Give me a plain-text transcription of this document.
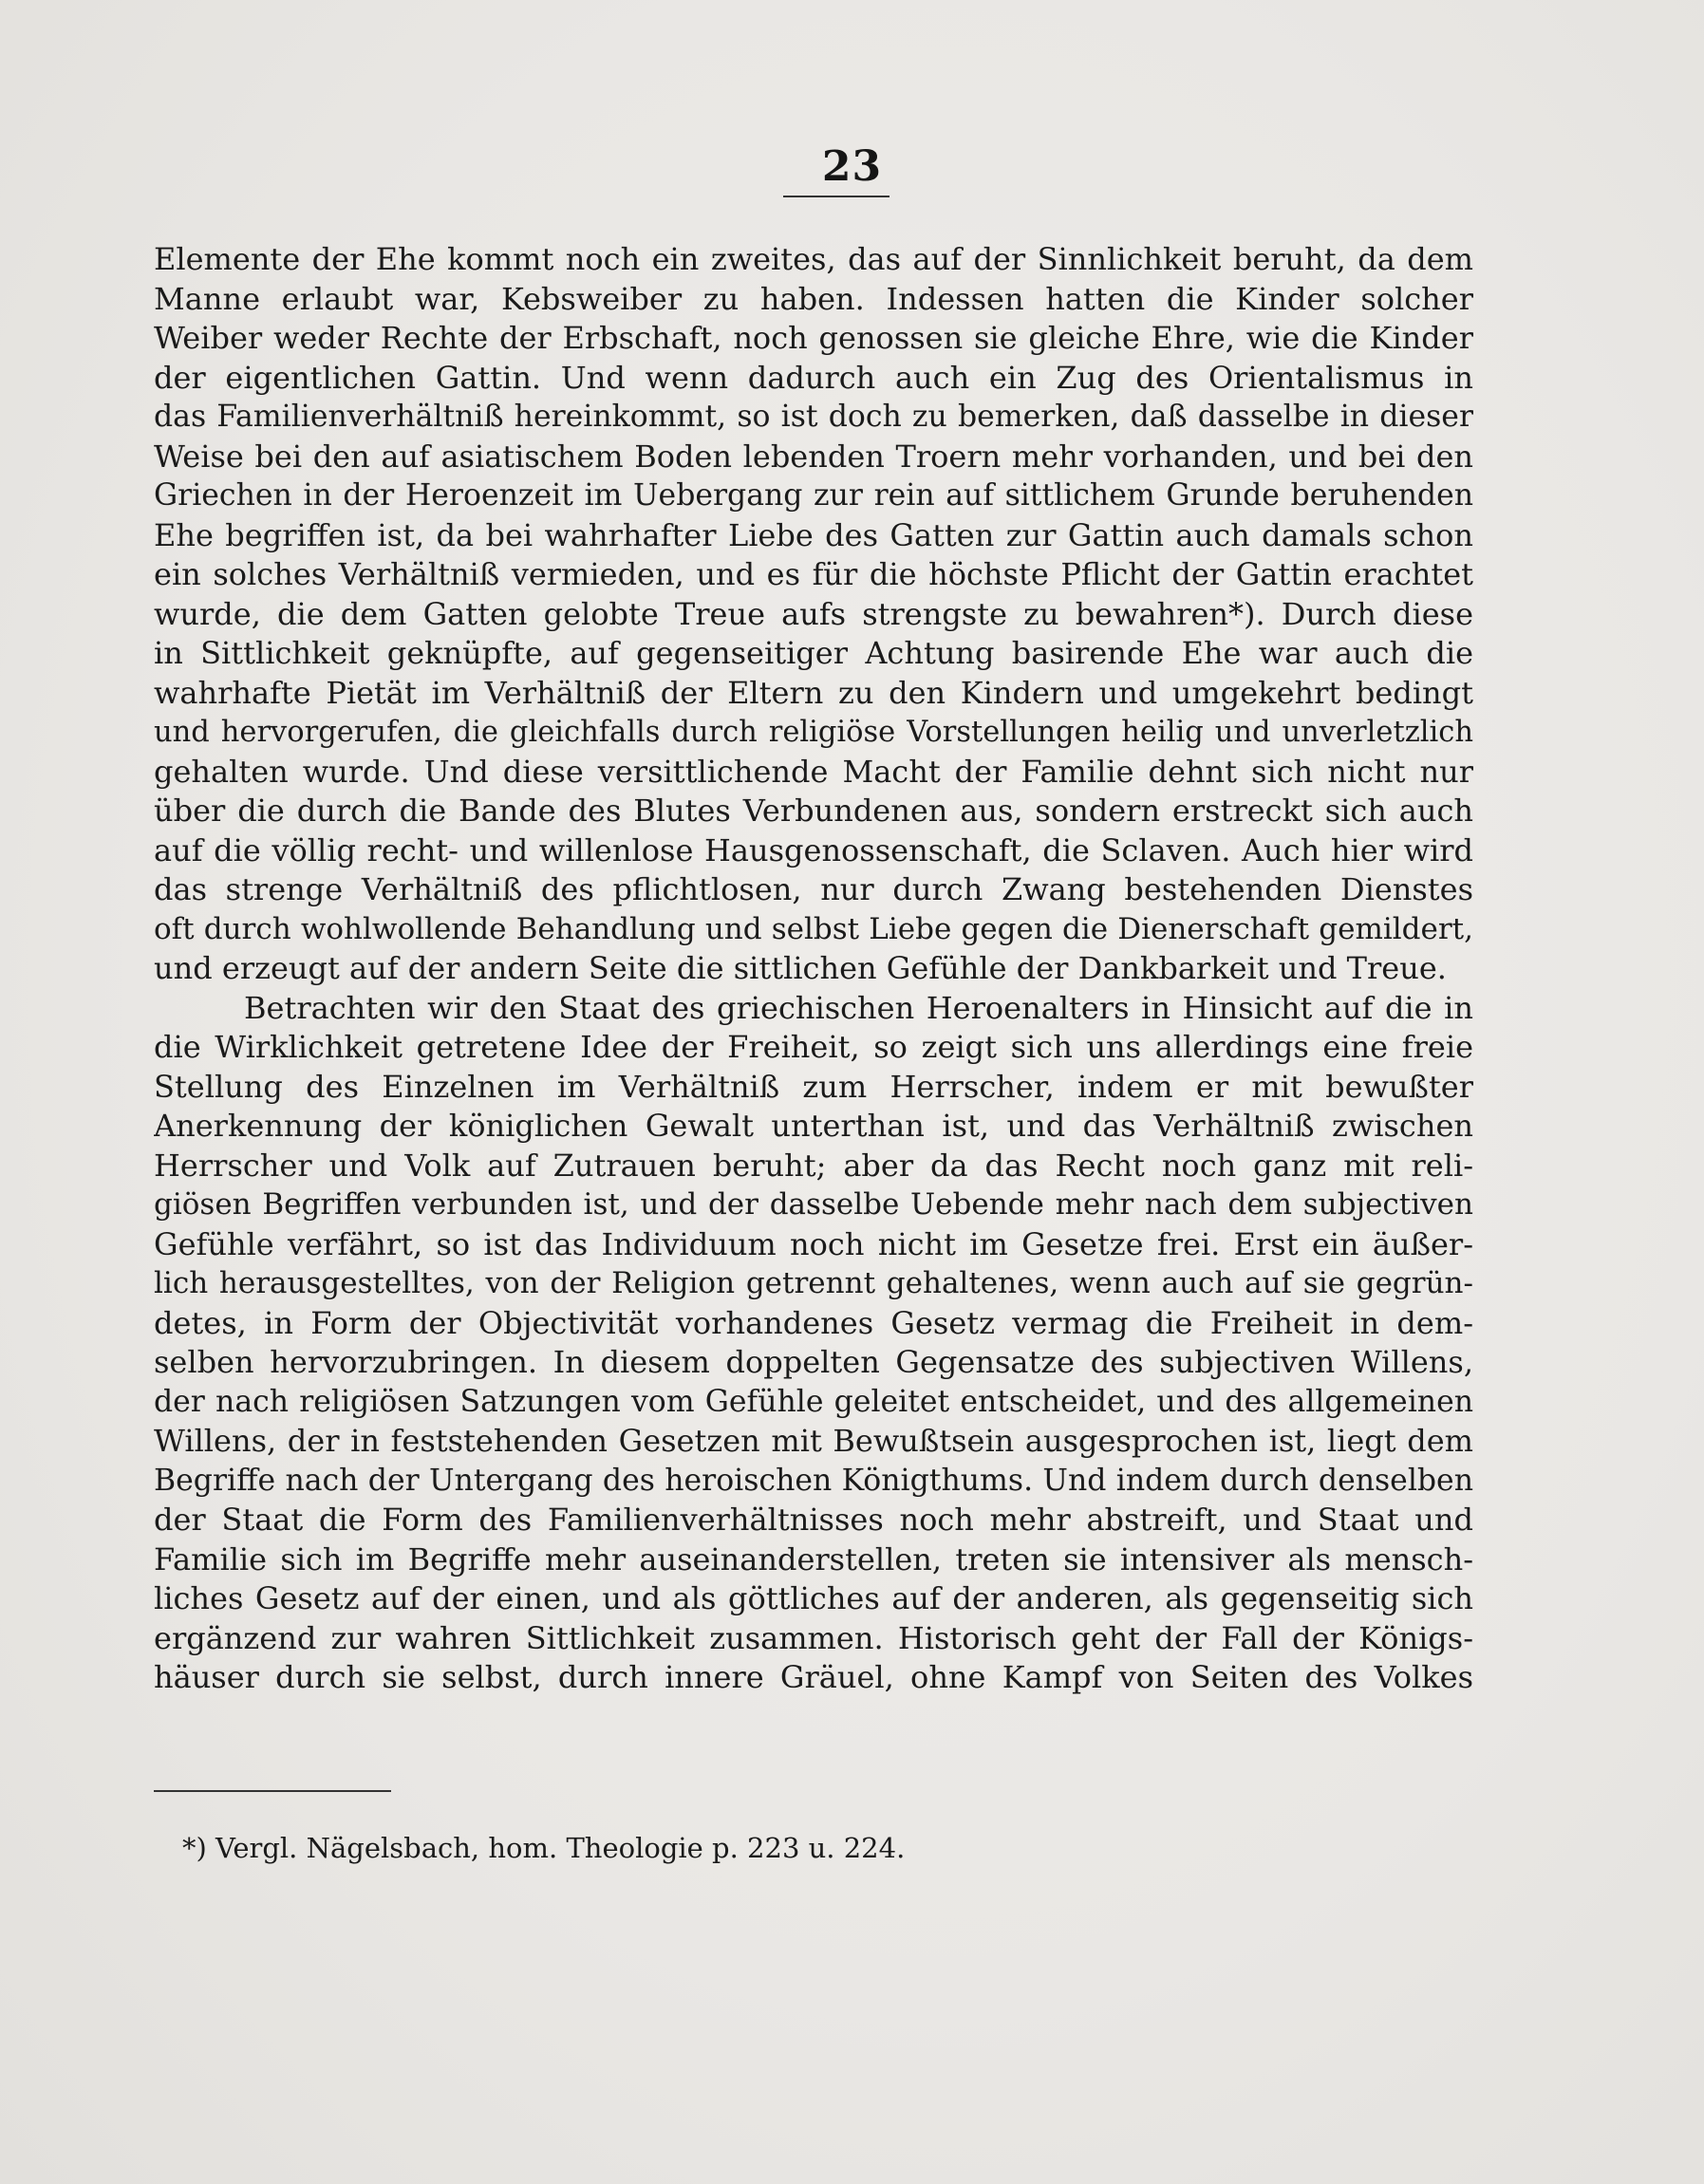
23
Elemente der Ehe kommt noch ein zweites, das auf der Sinnlichkeit beruht, da dem
Manne erlaubt war, Kebsweiber zu haben. Indessen hatten die Kinder solcher
Weiber weder Rechte der Erbschaft, noch genossen sie gleiche Ehre, wie die Kinder
der eigentlichen Gattin. Und wenn dadurch auch ein Zug des Orientalismus in
das Familienverhältniß hereinkommt, so ist doch zu bemerken, daß dasselbe in dieser
Weise bei den auf asiatischem Boden lebenden Troern mehr vorhanden, und bei den
Griechen in der Heroenzeit im Uebergang zur rein auf sittlichem Grunde beruhenden
Ehe begriffen ist, da bei wahrhafter Liebe des Gatten zur Gattin auch damals schon
ein solches Verhältniß vermieden, und es für die höchste Pflicht der Gattin erachtet
wurde, die dem Gatten gelobte Treue aufs strengste zu bewahren*). Durch diese
in Sittlichkeit geknüpfte, auf gegenseitiger Achtung basirende Ehe war auch die
wahrhafte Pietät im Verhältniß der Eltern zu den Kindern und umgekehrt bedingt
und hervorgerufen, die gleichfalls durch religiöse Vorstellungen heilig und unverletzlich
gehalten wurde. Und diese versittlichende Macht der Familie dehnt sich nicht nur
über die durch die Bande des Blutes Verbundenen aus, sondern erstreckt sich auch
auf die völlig recht- und willenlose Hausgenossenschaft, die Sclaven. Auch hier wird
das strenge Verhältniß des pflichtlosen, nur durch Zwang bestehenden Dienstes
oft durch wohlwollende Behandlung und selbst Liebe gegen die Dienerschaft gemildert,
und erzeugt auf der andern Seite die sittlichen Gefühle der Dankbarkeit und Treue.
Betrachten wir den Staat des griechischen Heroenalters in Hinsicht auf die in
die Wirklichkeit getretene Idee der Freiheit, so zeigt sich uns allerdings eine freie
Stellung des Einzelnen im Verhältniß zum Herrscher, indem er mit bewußter
Anerkennung der königlichen Gewalt unterthan ist, und das Verhältniß zwischen
Herrscher und Volk auf Zutrauen beruht; aber da das Recht noch ganz mit reli-
giösen Begriffen verbunden ist, und der dasselbe Uebende mehr nach dem subjectiven
Gefühle verfährt, so ist das Individuum noch nicht im Gesetze frei. Erst ein äußer-
lich herausgestelltes, von der Religion getrennt gehaltenes, wenn auch auf sie gegrün-
detes, in Form der Objectivität vorhandenes Gesetz vermag die Freiheit in dem-
selben hervorzubringen. In diesem doppelten Gegensatze des subjectiven Willens,
der nach religiösen Satzungen vom Gefühle geleitet entscheidet, und des allgemeinen
Willens, der in feststehenden Gesetzen mit Bewußtsein ausgesprochen ist, liegt dem
Begriffe nach der Untergang des heroischen Königthums. Und indem durch denselben
der Staat die Form des Familienverhältnisses noch mehr abstreift, und Staat und
Familie sich im Begriffe mehr auseinanderstellen, treten sie intensiver als mensch-
liches Gesetz auf der einen, und als göttliches auf der anderen, als gegenseitig sich
ergänzend zur wahren Sittlichkeit zusammen. Historisch geht der Fall der Königs-
häuser durch sie selbst, durch innere Gräuel, ohne Kampf von Seiten des Volkes
*) Vergl. Nägelsbach, hom. Theologie p. 223 u. 224.
